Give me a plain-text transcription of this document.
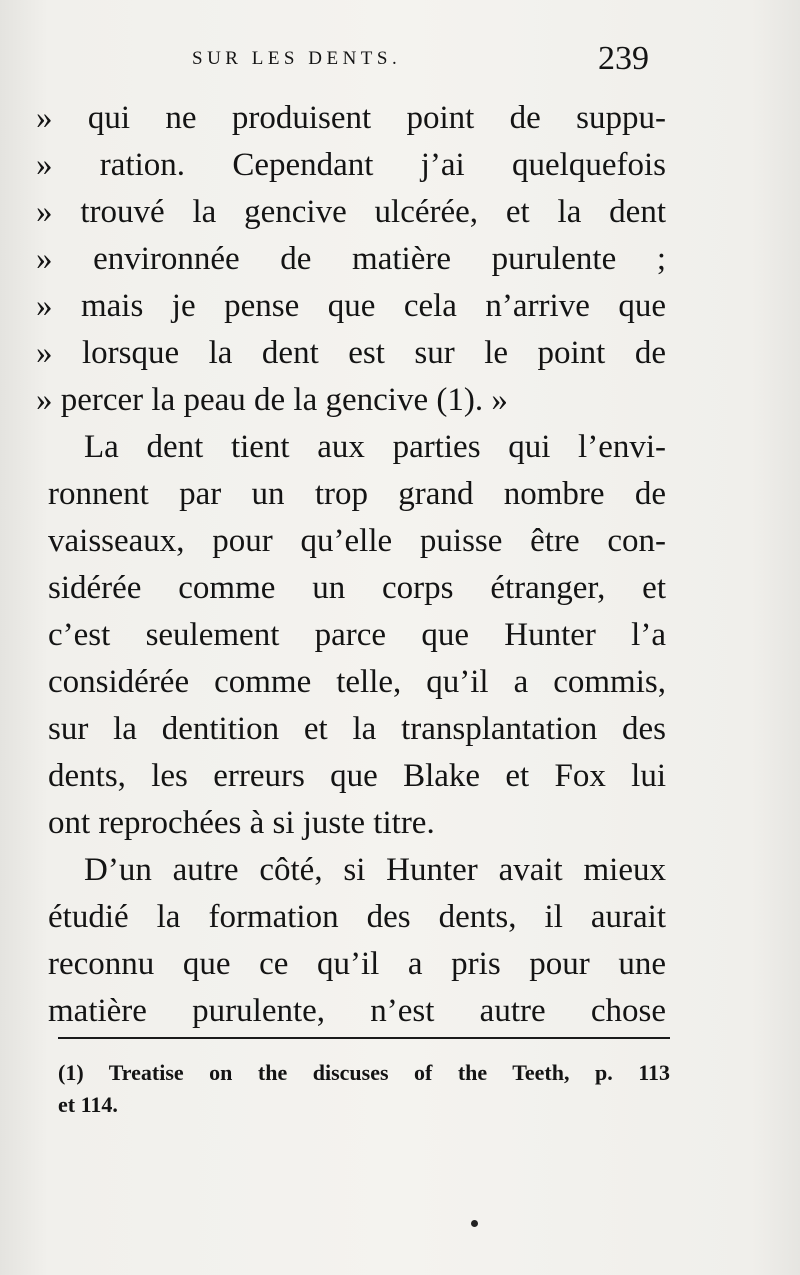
SUR LES DENTS.	239
» qui ne produisent point de suppu-
» ration. Cependant j’ai quelquefois
» trouvé la gencive ulcérée, et la dent
» environnée de matière purulente ;
» mais je pense que cela n’arrive que
» lorsque la dent est sur le point de
» percer la peau de la gencive (1). »
La dent tient aux parties qui l’envi-
ronnent par un trop grand nombre de
vaisseaux, pour qu’elle puisse être con-
sidérée comme un corps étranger, et
c’est seulement parce que Hunter l’a
considérée comme telle, qu’il a commis,
sur la dentition et la transplantation des
dents, les erreurs que Blake et Fox lui
ont reprochées à si juste titre.
D’un autre côté, si Hunter avait mieux
étudié la formation des dents, il aurait
reconnu que ce qu’il a pris pour une
matière purulente, n’est autre chose
(1) Treatise on the discuses of the Teeth, p. 113
et 114.
